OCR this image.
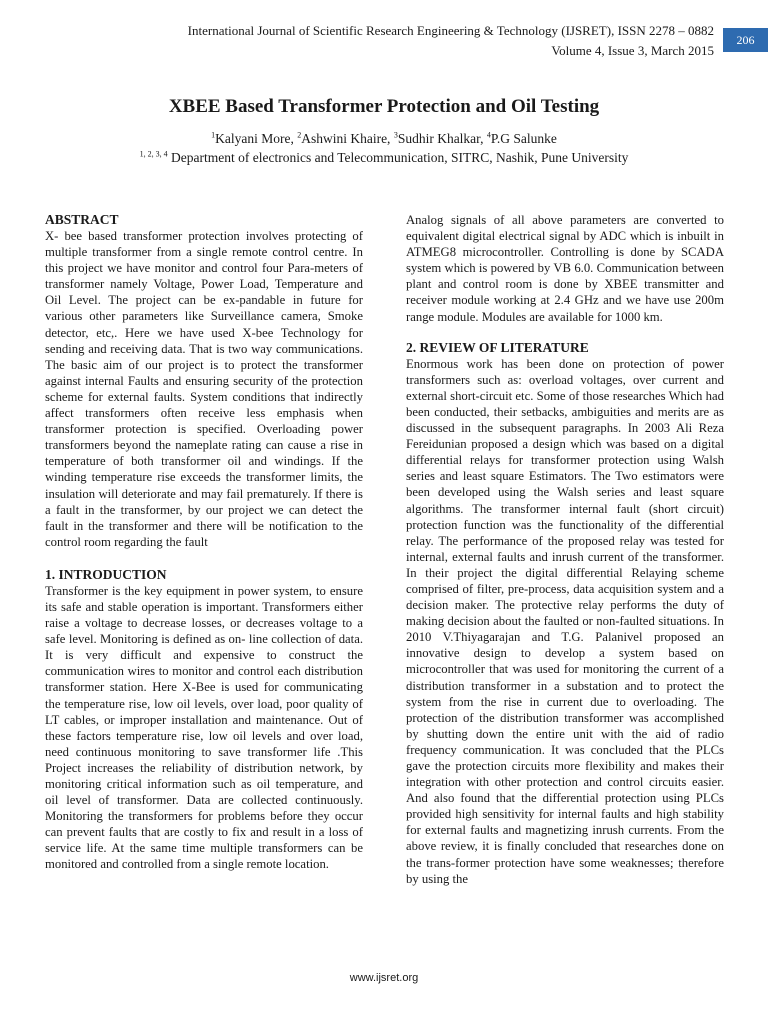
International Journal of Scientific Research Engineering & Technology (IJSRET), ISSN 2278 – 0882
Volume 4, Issue 3, March 2015
206
XBEE Based Transformer Protection and Oil Testing
$^1$Kalyani More, $^2$Ashwini Khaire, $^3$Sudhir Khalkar, $^4$P.G Salunke
$^{1, 2, 3, 4}$ Department of electronics and Telecommunication, SITRC, Nashik, Pune University

ABSTRACT

X- bee based transformer protection involves protecting of multiple transformer from a single remote control centre. In this project we have monitor and control four Para-meters of transformer namely Voltage, Power Load, Temperature and Oil Level. The project can be ex-pandable in future for various other parameters like Surveillance camera, Smoke detector, etc,. Here we have used X-bee Technology for sending and receiving data. That is two way communications. The basic aim of our project is to protect the transformer against internal Faults and ensuring security of the protection scheme for external faults. System conditions that indirectly affect transformers often receive less emphasis when transformer protection is specified. Overloading power transformers beyond the nameplate rating can cause a rise in temperature of both transformer oil and windings. If the winding temperature rise exceeds the transformer limits, the insulation will deteriorate and may fail prematurely. If there is a fault in the transformer, by our project we can detect the fault in the transformer and there will be notification to the control room regarding the fault

1. INTRODUCTION

Transformer is the key equipment in power system, to ensure its safe and stable operation is important. Transformers either raise a voltage to decrease losses, or decreases voltage to a safe level. Monitoring is defined as on- line collection of data. It is very difficult and expensive to construct the communication wires to monitor and control each distribution transformer station. Here X-Bee is used for communicating the temperature rise, low oil levels, over load, poor quality of LT cables, or improper installation and maintenance. Out of these factors temperature rise, low oil levels and over load, need continuous monitoring to save transformer life .This Project increases the reliability of distribution network, by monitoring critical information such as oil temperature, and oil level of transformer. Data are collected continuously. Monitoring the transformers for problems before they occur can prevent faults that are costly to fix and result in a loss of service life. At the same time multiple transformers can be monitored and controlled from a single remote location.

Analog signals of all above parameters are converted to equivalent digital electrical signal by ADC which is inbuilt in ATMEG8 microcontroller. Controlling is done by SCADA system which is powered by VB 6.0. Communication between plant and control room is done by XBEE transmitter and receiver module working at 2.4 GHz and we have use 200m range module. Modules are available for 1000 km.

2. REVIEW OF LITERATURE

Enormous work has been done on protection of power transformers such as: overload voltages, over current and external short-circuit etc. Some of those researches Which had been conducted, their setbacks, ambiguities and merits are as discussed in the subsequent paragraphs. In 2003 Ali Reza Fereidunian proposed a design which was based on a digital differential relays for transformer protection using Walsh series and least square Estimators. The Two estimators were been developed using the Walsh series and least square algorithms. The transformer internal fault (short circuit) protection function was the functionality of the differential relay. The performance of the proposed relay was tested for internal, external faults and inrush current of the transformer. In their project the digital differential Relaying scheme comprised of filter, pre-process, data acquisition system and a decision maker. The protective relay performs the duty of making decision about the faulted or non-faulted situations. In 2010 V.Thiyagarajan and T.G. Palanivel proposed an innovative design to develop a system based on microcontroller that was used for monitoring the current of a distribution transformer in a substation and to protect the system from the rise in current due to overloading. The protection of the distribution transformer was accomplished by shutting down the entire unit with the aid of radio frequency communication. It was concluded that the PLCs gave the protection circuits more flexibility and makes their integration with other protection and control circuits easier. And also found that the differential protection using PLCs provided high sensitivity for internal faults and high stability for external faults and magnetizing inrush currents. From the above review, it is finally concluded that researches done on the trans-former protection have some weaknesses; therefore by using the

www.ijsret.org
